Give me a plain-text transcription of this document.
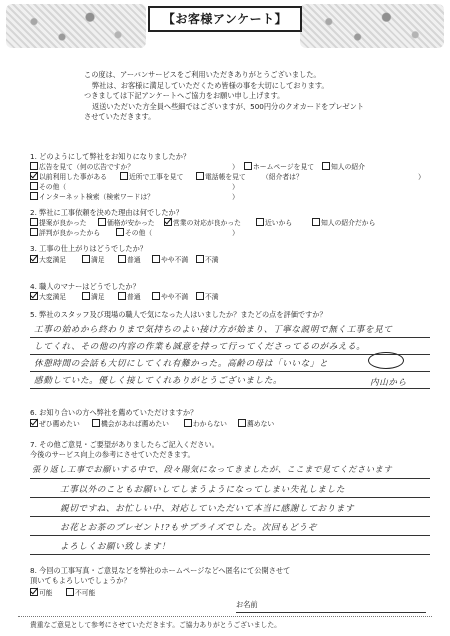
【お客様アンケート】
この度は、アーバンサービスをご利用いただきありがとうございました。
弊社は、お客様に満足していただくため皆様の事を大切にしております。
つきましては下記アンケートへご協力をお願い申し上げます。
返送いただいた方全員へ些細ではございますが、500円分のクオカードをプレゼント
させていただきます。
1. どのようにして弊社をお知りになりましたか？
広告を見て（何の広告ですか？	）	ホームページを見て	知人の紹介
以前利用した事がある	近所で工事を見て	電話帳を見て （紹介者は？	）
その他（	）
インターネット検索（検索ワードは？	）
2. 弊社に工事依頼を決めた理由は何でしたか？
提案が良かった	価格が安かった	営業の対応が良かった	近いから	知人の紹介だから
評判が良かったから	その他（	）
3. 工事の仕上がりはどうでしたか？
大変満足	満足	普通	やや不満	不満
4. 職人のマナーはどうでしたか？
大変満足	満足	普通	やや不満	不満
5. 弊社のスタッフ及び現場の職人で気になった人はいましたか？またどの点を評価ですか？
工事の始めから終わりまで気持ちのよい接け方が始まり、丁寧な説明で無く工事を見て
してくれ、その他の内容の作業も誠意を持って行ってくださってるのがみえる。
休憩時間の会話も大切にしてくれ有難かった。高齢の母は「いいな」と
感動していた。優しく接してくれありがとうございました。	内山から
6. お知り合いの方へ弊社を薦めていただけますか？
ぜひ薦めたい	機会があれば薦めたい	わからない	薦めない
7. その他ご意見・ご要望がありましたらご記入ください。
今後のサービス向上の参考にさせていただきます。
張り返し工事でお願いする中で、段々陽気になってきましたが、ここまで見てくださいます
工事以外のこともお願いしてしまうようになってしまい失礼しました
親切ですね、お忙しい中、対応していただいて本当に感謝しております
お花とお茶のプレゼント!?もサプライズでした。次回もどうぞ
よろしくお願い致します！
8. 今回の工事写真・ご意見などを弊社のホームページなどへ匿名にて公開させて
頂いてもよろしいでしょうか？
可能	不可能
お名前
貴重なご意見として参考にさせていただきます。ご協力ありがとうございました。
